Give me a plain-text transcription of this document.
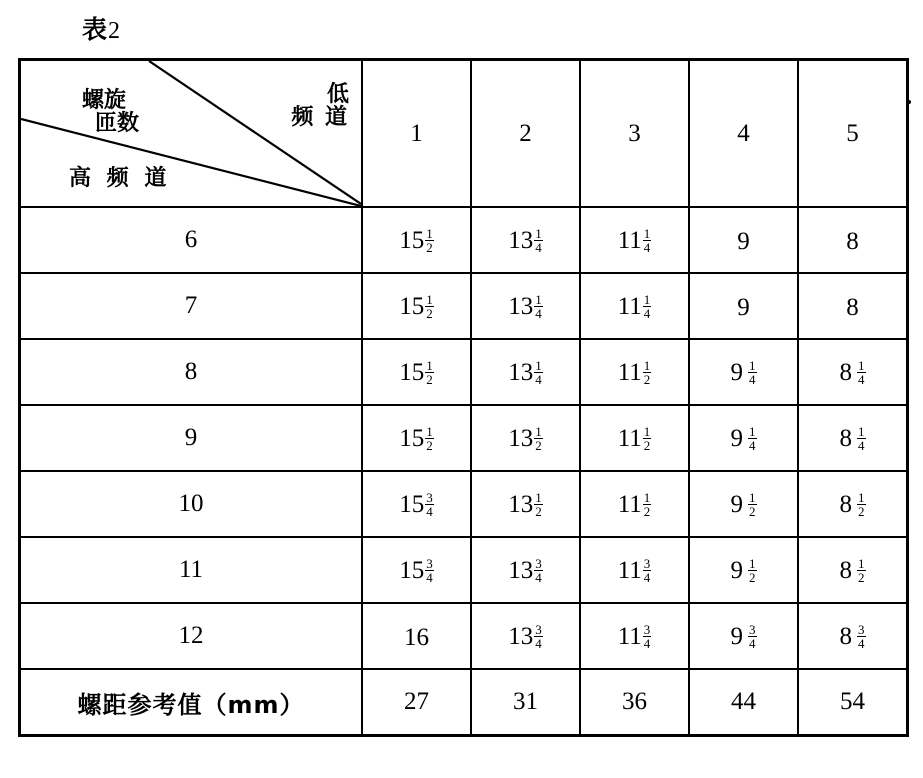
表2
低
频 道
螺旋
匝数
高 频 道	1	2	3	4	5
6	$15 \frac{1}{2}$	$13 \frac{1}{4}$	$11 \frac{1}{4}$	9	8
7	$15 \frac{1}{2}$	$13 \frac{1}{4}$	$11 \frac{1}{4}$	9	8
8	$15 \frac{1}{2}$	$13 \frac{1}{4}$	$11 \frac{1}{2}$	$9 \frac{1}{4}$	$8 \frac{1}{4}$

9	$15 \frac{1}{2}$	$13 \frac{1}{2}$	$11 \frac{1}{2}$	$9 \frac{1}{4}$	$8 \frac{1}{4}$

10	$15 \frac{3}{4}$	$13 \frac{1}{2}$	$11 \frac{1}{2}$	$9 \frac{1}{2}$	$8 \frac{1}{2}$

11	$15 \frac{3}{4}$	$13 \frac{3}{4}$	$11 \frac{3}{4}$	$9 \frac{1}{2}$	$8 \frac{1}{2}$

12	16	$13 \frac{3}{4}$	$11 \frac{3}{4}$	$9 \frac{3}{4}$	$8 \frac{3}{4}$

螺距参考值（mm）	27	31	36	44	54
